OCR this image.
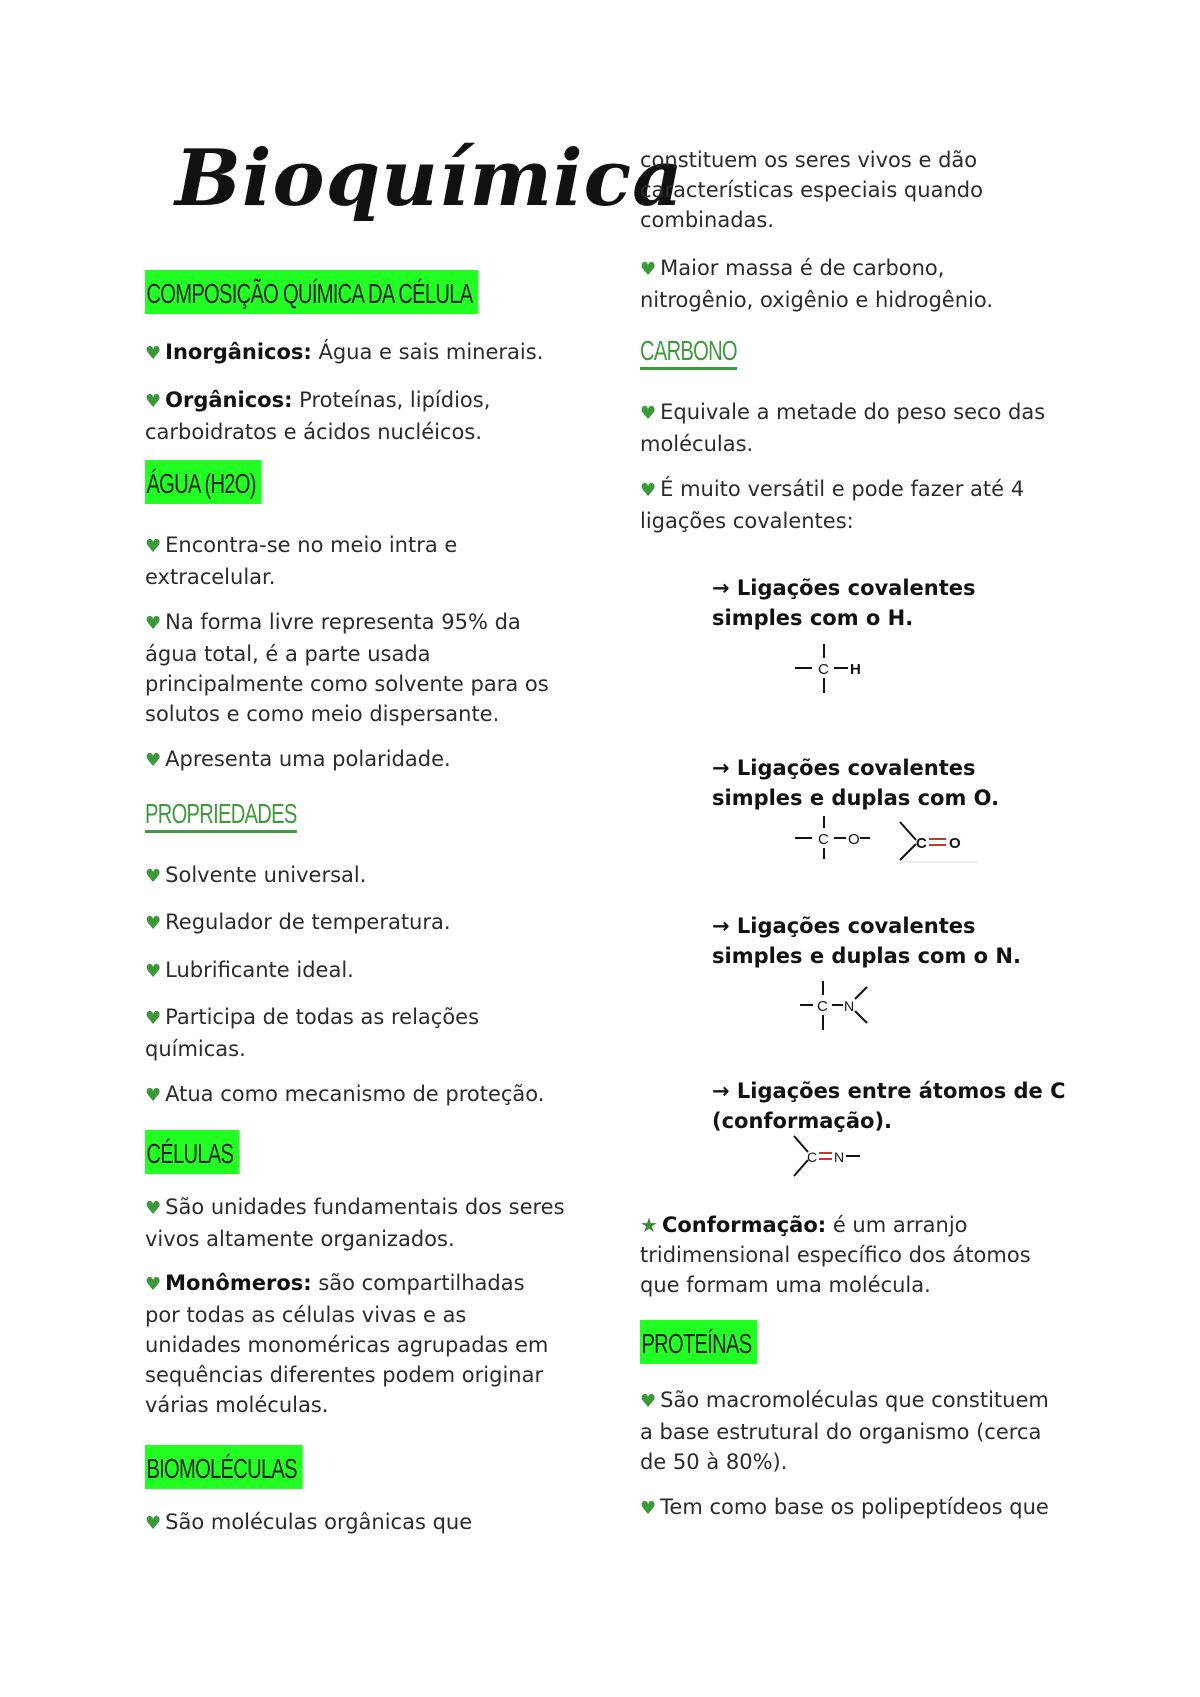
Bioquímica
COMPOSIÇÃO QUÍMICA DA CÉLULA

♥ Inorgânicos: Água e sais minerais.

♥ Orgânicos: Proteínas, lipídios, carboidratos e ácidos nucléicos.

ÁGUA (H2O)

♥ Encontra-se no meio intra e extracelular.

♥ Na forma livre representa 95% da água total, é a parte usada principalmente como solvente para os solutos e como meio dispersante.

♥ Apresenta uma polaridade.

PROPRIEDADES

♥ Solvente universal.

♥ Regulador de temperatura.

♥ Lubrificante ideal.

♥ Participa de todas as relações químicas.

♥ Atua como mecanismo de proteção.

CÉLULAS

♥ São unidades fundamentais dos seres vivos altamente organizados.

♥ Monômeros: são compartilhadas por todas as células vivas e as unidades monoméricas agrupadas em sequências diferentes podem originar várias moléculas.

BIOMOLÉCULAS

♥ São moléculas orgânicas que

constituem os seres vivos e dão características especiais quando combinadas.

♥ Maior massa é de carbono, nitrogênio, oxigênio e hidrogênio.

CARBONO

♥ Equivale a metade do peso seco das moléculas.

♥ É muito versátil e pode fazer até 4 ligações covalentes:

→ Ligações covalentes simples com o H.

C H

→ Ligações covalentes simples e duplas com O.

C O	C O

→ Ligações covalentes simples e duplas com o N.

C N

→ Ligações entre átomos de C (conformação).

C N

★ Conformação: é um arranjo tridimensional específico dos átomos que formam uma molécula.

PROTEÍNAS

♥ São macromoléculas que constituem a base estrutural do organismo (cerca de 50 à 80%).

♥ Tem como base os polipeptídeos que
